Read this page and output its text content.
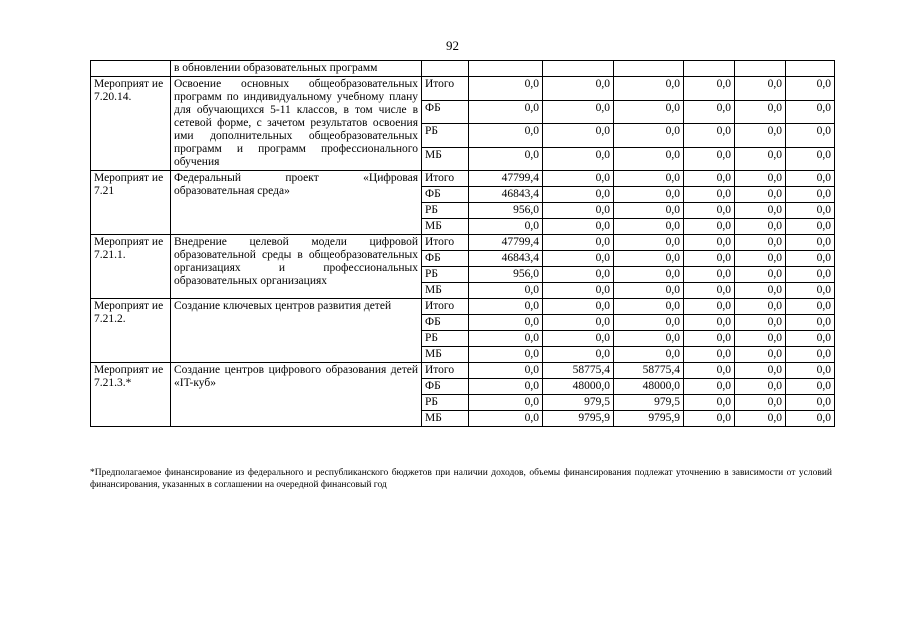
92
	в обновлении образовательных программ							
Мероприят ие 7.20.14.	Освоение основных общеобразовательных программ по индивидуальному учебному плану для обучающихся 5-11 классов, в том числе в сетевой форме, с зачетом результатов освоения ими дополнительных общеобразовательных программ и программ профессионального обучения	Итого	0,0	0,0	0,0	0,0	0,0	0,0
		ФБ	0,0	0,0	0,0	0,0	0,0	0,0
		РБ	0,0	0,0	0,0	0,0	0,0	0,0
		МБ	0,0	0,0	0,0	0,0	0,0	0,0
Мероприят ие 7.21	Федеральный проект «Цифровая образовательная среда»	Итого	47799,4	0,0	0,0	0,0	0,0	0,0
		ФБ	46843,4	0,0	0,0	0,0	0,0	0,0
		РБ	956,0	0,0	0,0	0,0	0,0	0,0
		МБ	0,0	0,0	0,0	0,0	0,0	0,0
Мероприят ие 7.21.1.	Внедрение целевой модели цифровой образовательной среды в общеобразовательных организациях и профессиональных образовательных организациях	Итого	47799,4	0,0	0,0	0,0	0,0	0,0
		ФБ	46843,4	0,0	0,0	0,0	0,0	0,0
		РБ	956,0	0,0	0,0	0,0	0,0	0,0
		МБ	0,0	0,0	0,0	0,0	0,0	0,0
Мероприят ие 7.21.2.	Создание ключевых центров развития детей	Итого	0,0	0,0	0,0	0,0	0,0	0,0
		ФБ	0,0	0,0	0,0	0,0	0,0	0,0
		РБ	0,0	0,0	0,0	0,0	0,0	0,0
		МБ	0,0	0,0	0,0	0,0	0,0	0,0
Мероприят ие 7.21.3.*	Создание центров цифрового образования детей «IT-куб»	Итого	0,0	58775,4	58775,4	0,0	0,0	0,0
		ФБ	0,0	48000,0	48000,0	0,0	0,0	0,0
		РБ	0,0	979,5	979,5	0,0	0,0	0,0
		МБ	0,0	9795,9	9795,9	0,0	0,0	0,0
*Предполагаемое финансирование из федерального и республиканского бюджетов при наличии доходов, объемы финансирования подлежат уточнению в зависимости от условий финансирования, указанных в соглашении на очередной финансовый год
